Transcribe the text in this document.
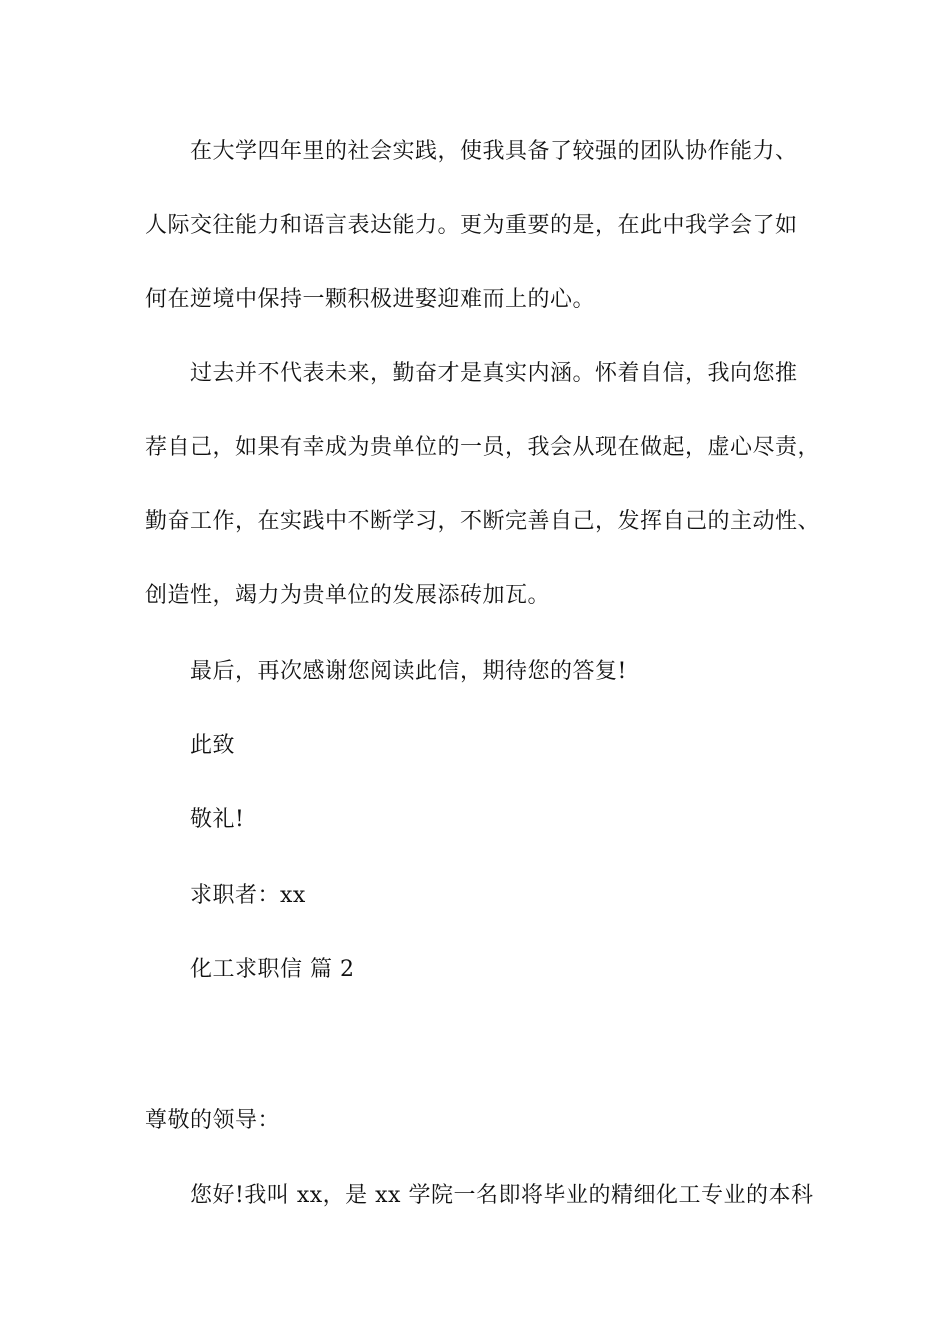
在大学四年里的社会实践，使我具备了较强的团队协作能力、
人际交往能力和语言表达能力。更为重要的是，在此中我学会了如
何在逆境中保持一颗积极进娶迎难而上的心。
过去并不代表未来，勤奋才是真实内涵。怀着自信，我向您推
荐自己，如果有幸成为贵单位的一员，我会从现在做起，虚心尽责，
勤奋工作，在实践中不断学习，不断完善自己，发挥自己的主动性、
创造性，竭力为贵单位的发展添砖加瓦。
最后，再次感谢您阅读此信，期待您的答复!
此致
敬礼!
求职者：xx
化工求职信 篇 2
尊敬的领导：
您好!我叫 xx，是 xx 学院一名即将毕业的精细化工专业的本科
